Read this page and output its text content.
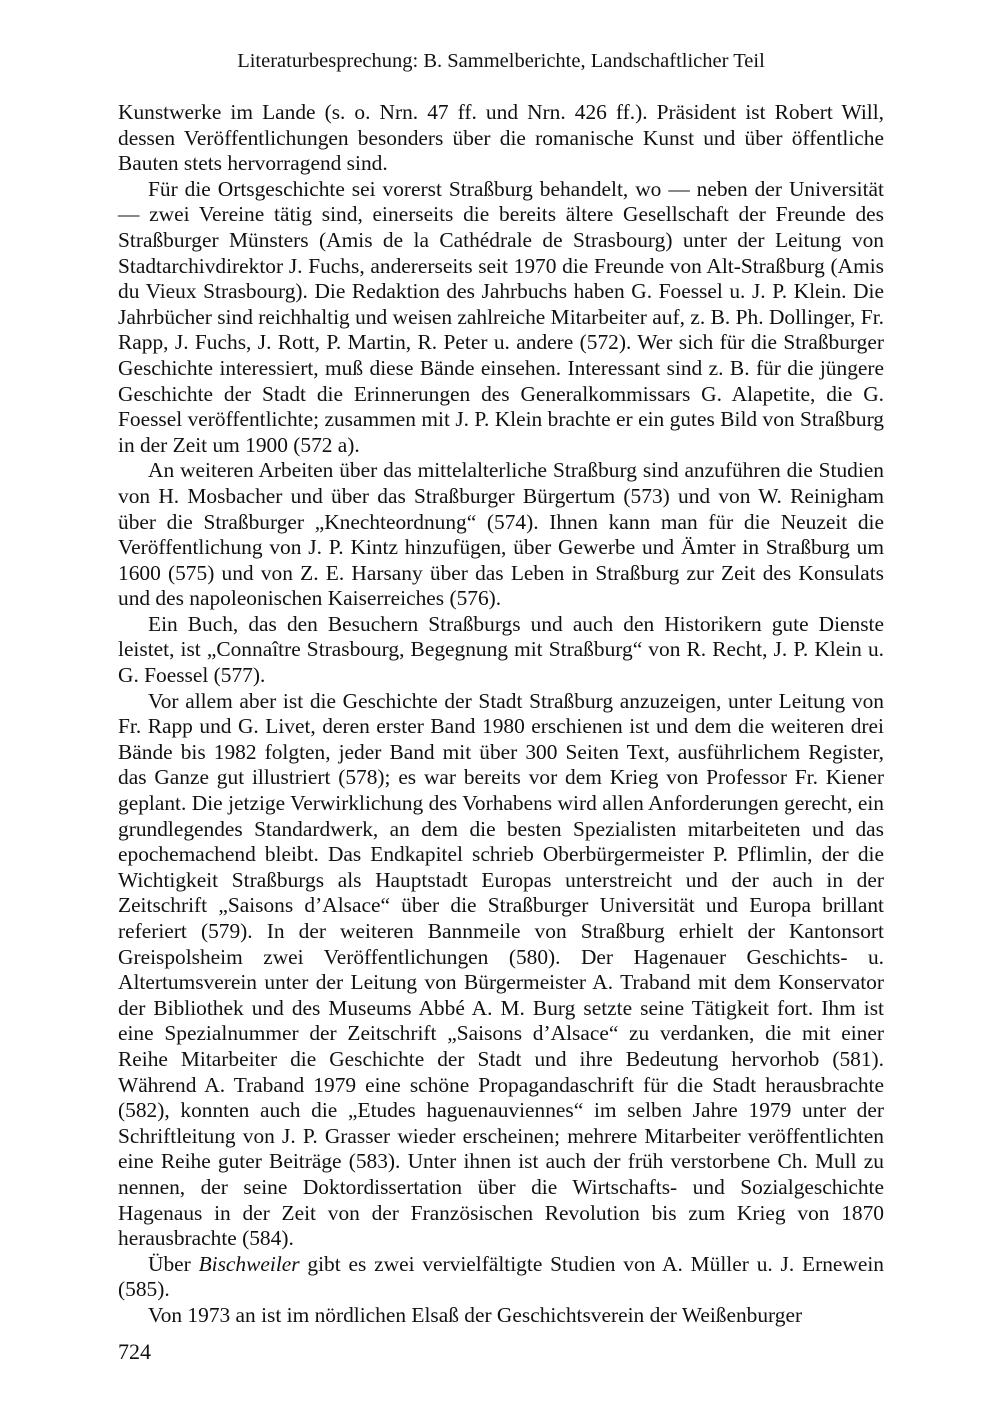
Literaturbesprechung: B. Sammelberichte, Landschaftlicher Teil

Kunstwerke im Lande (s. o. Nrn. 47 ff. und Nrn. 426 ff.). Präsident ist Robert Will, dessen Veröffentlichungen besonders über die romanische Kunst und über öffentliche Bauten stets hervorragend sind.

Für die Ortsgeschichte sei vorerst Straßburg behandelt, wo — neben der Universität — zwei Vereine tätig sind, einerseits die bereits ältere Gesellschaft der Freunde des Straßburger Münsters (Amis de la Cathédrale de Strasbourg) unter der Leitung von Stadtarchivdirektor J. Fuchs, andererseits seit 1970 die Freunde von Alt-Straßburg (Amis du Vieux Strasbourg). Die Redaktion des Jahrbuchs haben G. Foessel u. J. P. Klein. Die Jahrbücher sind reichhaltig und weisen zahlreiche Mitarbeiter auf, z. B. Ph. Dollinger, Fr. Rapp, J. Fuchs, J. Rott, P. Martin, R. Peter u. andere (572). Wer sich für die Straßburger Geschichte interessiert, muß diese Bände einsehen. Interessant sind z. B. für die jüngere Geschichte der Stadt die Erinnerungen des Generalkommissars G. Alapetite, die G. Foessel veröffentlichte; zusammen mit J. P. Klein brachte er ein gutes Bild von Straßburg in der Zeit um 1900 (572 a).

An weiteren Arbeiten über das mittelalterliche Straßburg sind anzuführen die Studien von H. Mosbacher und über das Straßburger Bürgertum (573) und von W. Reinigham über die Straßburger „Knechteordnung“ (574). Ihnen kann man für die Neuzeit die Veröffentlichung von J. P. Kintz hinzufügen, über Gewerbe und Ämter in Straßburg um 1600 (575) und von Z. E. Harsany über das Leben in Straßburg zur Zeit des Konsulats und des napoleonischen Kaiserreiches (576).

Ein Buch, das den Besuchern Straßburgs und auch den Historikern gute Dienste leistet, ist „Connaître Strasbourg, Begegnung mit Straßburg“ von R. Recht, J. P. Klein u. G. Foessel (577).

Vor allem aber ist die Geschichte der Stadt Straßburg anzuzeigen, unter Leitung von Fr. Rapp und G. Livet, deren erster Band 1980 erschienen ist und dem die weiteren drei Bände bis 1982 folgten, jeder Band mit über 300 Seiten Text, ausführlichem Register, das Ganze gut illustriert (578); es war bereits vor dem Krieg von Professor Fr. Kiener geplant. Die jetzige Verwirklichung des Vorhabens wird allen Anforderungen gerecht, ein grundlegendes Standardwerk, an dem die besten Spezialisten mitarbeiteten und das epochemachend bleibt. Das Endkapitel schrieb Oberbürgermeister P. Pflimlin, der die Wichtigkeit Straßburgs als Hauptstadt Europas unterstreicht und der auch in der Zeitschrift „Saisons d’Alsace“ über die Straßburger Universität und Europa brillant referiert (579). In der weiteren Bannmeile von Straßburg erhielt der Kantonsort Greispolsheim zwei Veröffentlichungen (580). Der Hagenauer Geschichts- u. Altertumsverein unter der Leitung von Bürgermeister A. Traband mit dem Konservator der Bibliothek und des Museums Abbé A. M. Burg setzte seine Tätigkeit fort. Ihm ist eine Spezialnummer der Zeitschrift „Saisons d’Alsace“ zu verdanken, die mit einer Reihe Mitarbeiter die Geschichte der Stadt und ihre Bedeutung hervorhob (581). Während A. Traband 1979 eine schöne Propagandaschrift für die Stadt herausbrachte (582), konnten auch die „Etudes haguenauviennes“ im selben Jahre 1979 unter der Schriftleitung von J. P. Grasser wieder erscheinen; mehrere Mitarbeiter veröffentlichten eine Reihe guter Beiträge (583). Unter ihnen ist auch der früh verstorbene Ch. Mull zu nennen, der seine Doktordissertation über die Wirtschafts- und Sozialgeschichte Hagenaus in der Zeit von der Französischen Revolution bis zum Krieg von 1870 herausbrachte (584).

Über Bischweiler gibt es zwei vervielfältigte Studien von A. Müller u. J. Ernewein (585).

Von 1973 an ist im nördlichen Elsaß der Geschichtsverein der Weißenburger

724
